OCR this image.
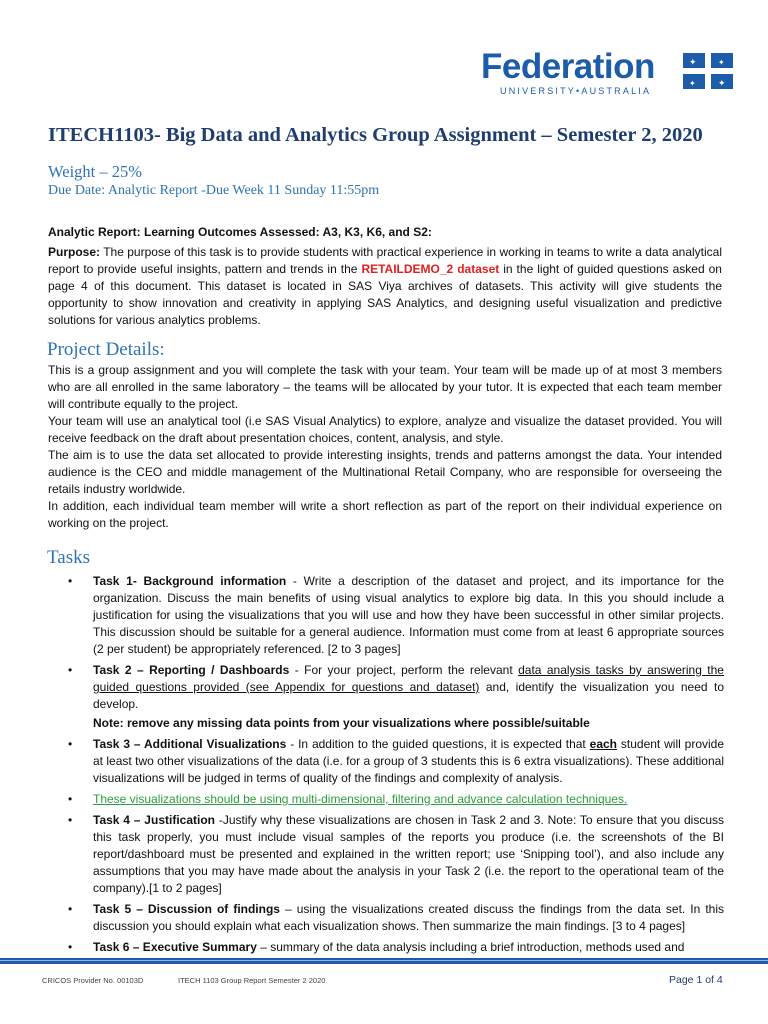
Federation
UNIVERSITY•AUSTRALIA
✦	✦
✦ ✦
ITECH1103- Big Data and Analytics Group Assignment – Semester 2, 2020
Weight – 25%
Due Date: Analytic Report -Due Week 11 Sunday 11:55pm

Analytic Report: Learning Outcomes Assessed: A3, K3, K6, and S2:

Purpose: The purpose of this task is to provide students with practical experience in working in teams to write a data analytical report to provide useful insights, pattern and trends in the RETAILDEMO_2 dataset in the light of guided questions asked on page 4 of this document. This dataset is located in SAS Viya archives of datasets. This activity will give students the opportunity to show innovation and creativity in applying SAS Analytics, and designing useful visualization and predictive solutions for various analytics problems.

Project Details:

This is a group assignment and you will complete the task with your team. Your team will be made up of at most 3 members who are all enrolled in the same laboratory – the teams will be allocated by your tutor. It is expected that each team member will contribute equally to the project.

Your team will use an analytical tool (i.e SAS Visual Analytics) to explore, analyze and visualize the dataset provided. You will receive feedback on the draft about presentation choices, content, analysis, and style.

The aim is to use the data set allocated to provide interesting insights, trends and patterns amongst the data. Your intended audience is the CEO and middle management of the Multinational Retail Company, who are responsible for overseeing the retails industry worldwide.

In addition, each individual team member will write a short reflection as part of the report on their individual experience on working on the project.

Tasks
• Task 1- Background information - Write a description of the dataset and project, and its importance for the organization. Discuss the main benefits of using visual analytics to explore big data. In this you should include a justification for using the visualizations that you will use and how they have been successful in other similar projects. This discussion should be suitable for a general audience. Information must come from at least 6 appropriate sources (2 per student) be appropriately referenced. [2 to 3 pages]
• Task 2 – Reporting / Dashboards - For your project, perform the relevant data analysis tasks by answering the guided questions provided (see Appendix for questions and dataset) and, identify the visualization you need to develop.

Note: remove any missing data points from your visualizations where possible/suitable

• Task 3 – Additional Visualizations - In addition to the guided questions, it is expected that each student will provide at least two other visualizations of the data (i.e. for a group of 3 students this is 6 extra visualizations). These additional visualizations will be judged in terms of quality of the findings and complexity of analysis.
• These visualizations should be using multi-dimensional, filtering and advance calculation techniques.
• Task 4 – Justification -Justify why these visualizations are chosen in Task 2 and 3. Note: To ensure that you discuss this task properly, you must include visual samples of the reports you produce (i.e. the screenshots of the BI report/dashboard must be presented and explained in the written report; use ‘Snipping tool’), and also include any assumptions that you may have made about the analysis in your Task 2 (i.e. the report to the operational team of the company).[1 to 2 pages]
• Task 5 – Discussion of findings – using the visualizations created discuss the findings from the data set. In this discussion you should explain what each visualization shows. Then summarize the main findings. [3 to 4 pages]
• Task 6 – Executive Summary – summary of the data analysis including a brief introduction, methods used and
CRICOS Provider No. 00103D	ITECH 1103 Group Report Semester 2 2020	Page 1 of 4
